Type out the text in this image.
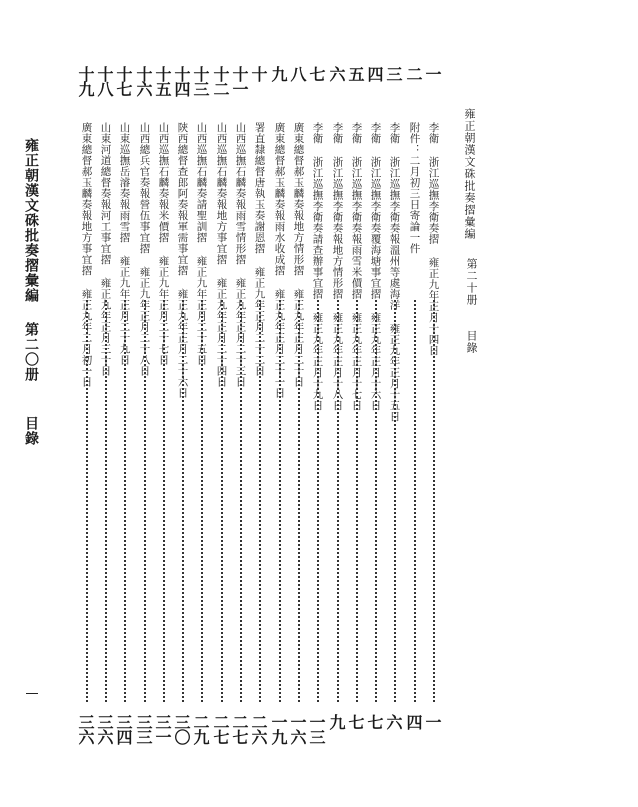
雍正朝漢文硃批奏摺彙編
第二十册
目錄
雍正朝漢文硃批奏摺彙編
第二〇册
目錄
一
李衛 浙江巡撫李衛奏摺 雍正九年正月十四日
一
二
附件：二月初三日寄論一件
四
三
李衛 浙江巡撫李衛奏報溫州等處海洋 雍正九年正月十五日
六
四
李衛 浙江巡撫李衛奏覆海塘事宜摺 雍正九年正月十六日
七
五
李衛 浙江巡撫李衛奏報雨雪米價摺 雍正九年正月十七日
七
六
李衛 浙江巡撫李衛奏報地方情形摺 雍正九年正月十八日
九
七
李衛 浙江巡撫李衛奏請查辦事宜摺 雍正九年正月十九日
一三
八
廣東總督郝玉麟奏報地方情形摺 雍正九年正月二十日
一六
九
廣東總督郝玉麟奏報雨水收成摺 雍正九年正月二十一日
一九
十
署直隸總督唐執玉奏謝恩摺 雍正九年正月二十二日
二六
十一
山西巡撫石麟奏報雨雪情形摺 雍正九年正月二十三日
二七
十二
山西巡撫石麟奏報地方事宜摺 雍正九年正月二十四日
二七
十三
山西巡撫石麟奏請聖訓摺 雍正九年正月二十五日
二九
十四
陝西總督查郎阿奏報軍需事宜摺 雍正九年正月二十六日
三〇
十五
山西巡撫石麟奏報米價摺 雍正九年正月二十七日
三一
十六
山西總兵官奏報營伍事宜摺 雍正九年正月二十八日
三三
十七
山東巡撫岳濬奏報雨雪摺 雍正九年正月二十九日
三四
十八
山東河道總督奏報河工事宜摺 雍正九年正月三十日
三六
十九
廣東總督郝玉麟奏報地方事宜摺 雍正九年二月初一日
三六
